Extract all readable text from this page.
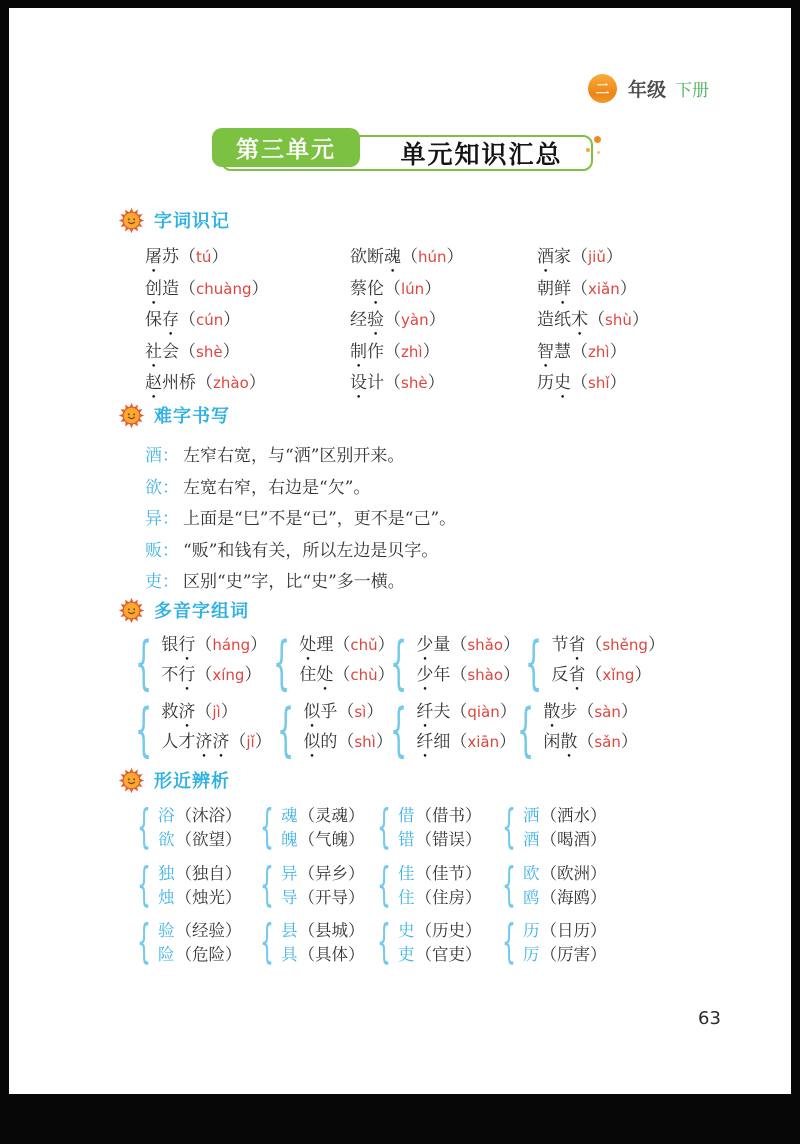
二 年级 下册
第三单元	单元知识汇总
字词识记
屠苏（tú）
创造（chuàng）
保存（cún）
社会（shè）
赵州桥（zhào）
欲断魂（hún）
蔡伦（lún）
经验（yàn）
制作（zhì）
设计（shè）
酒家（jiǔ）
朝鲜（xiǎn）
造纸术（shù）
智慧（zhì）
历史（shǐ）
难字书写
酒： 左窄右宽，与“洒”区别开来。
欲： 左宽右窄，右边是“欠”。
异： 上面是“巳”不是“已”，更不是“己”。
贩： “贩”和钱有关，所以左边是贝字。
吏： 区别“史”字，比“史”多一横。
多音字组词
{ 银行（háng）
不行（xíng） { 处理（chǔ）
住处（chù）
{ 少量（shǎo）
少年（shào） { 节省（shěng）
反省（xǐng）
{ 救济（jì）
人才济济（jǐ） { 似乎（sì）
似的（shì）
{ 纤夫（qiàn）
纤细（xiān） { 散步（sàn）
闲散（sǎn）
形近辨析
{ 浴（沐浴）
欲（欲望） { 魂（灵魂）
魄（气魄） { 借（借书）
错（错误） { 洒（洒水）
酒（喝酒）
{ 独（独自）
烛（烛光） { 异（异乡）
导（开导） { 佳（佳节）
住（住房） { 欧（欧洲）
鸥（海鸥）
{ 验（经验）
险（危险） { 县（县城）
具（具体） { 史（历史）
吏（官吏） { 历（日历）
厉（厉害）
63
